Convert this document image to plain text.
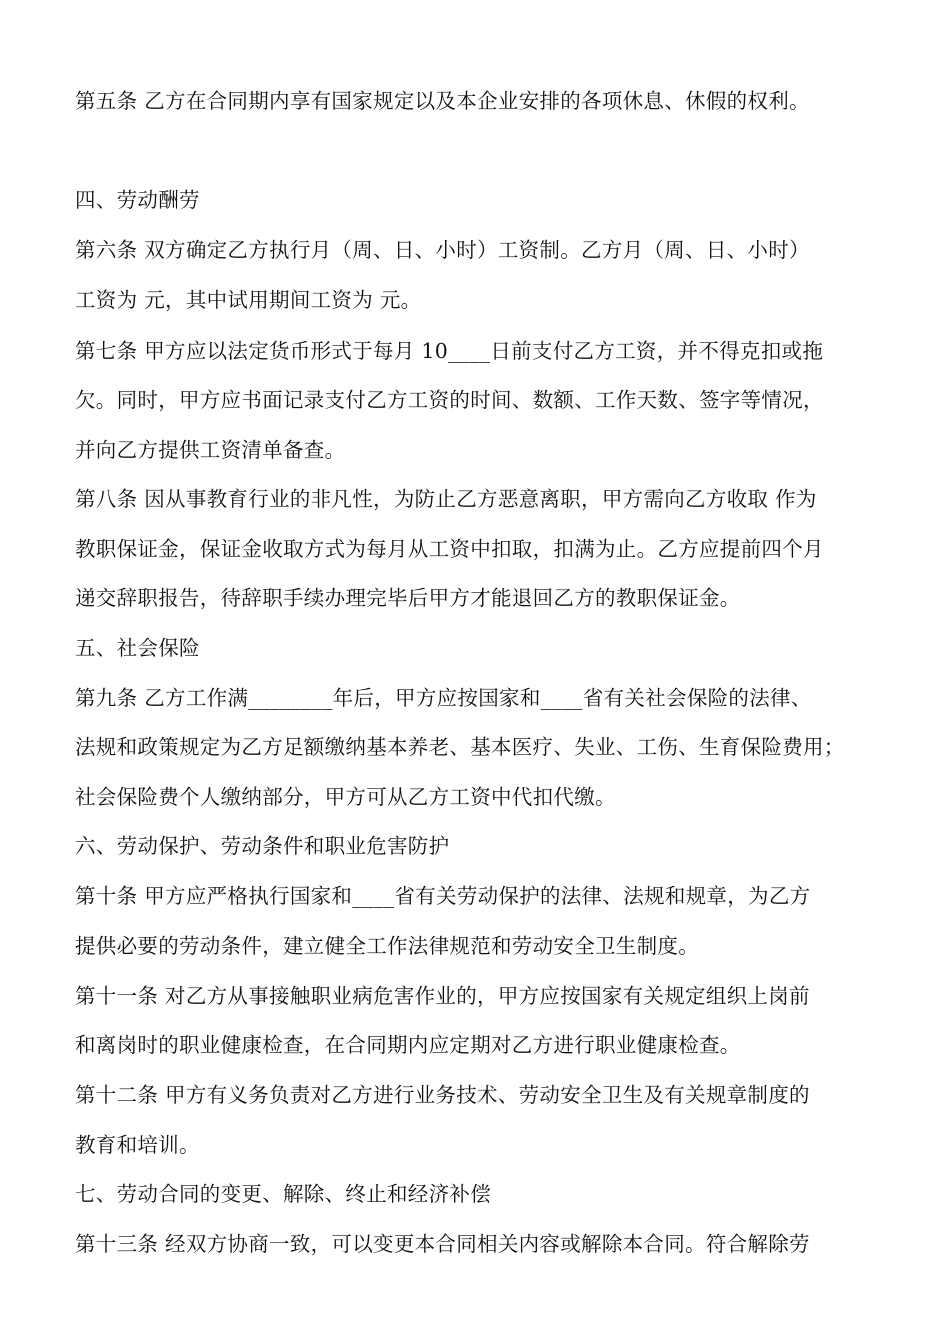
第五条 乙方在合同期内享有国家规定以及本企业安排的各项休息、休假的权利。
四、劳动酬劳
第六条 双方确定乙方执行月（周、日、小时）工资制。乙方月（周、日、小时）
工资为 元，其中试用期间工资为 元。
第七条 甲方应以法定货币形式于每月 10____日前支付乙方工资，并不得克扣或拖
欠。同时，甲方应书面记录支付乙方工资的时间、数额、工作天数、签字等情况，
并向乙方提供工资清单备查。
第八条 因从事教育行业的非凡性，为防止乙方恶意离职，甲方需向乙方收取 作为
教职保证金，保证金收取方式为每月从工资中扣取，扣满为止。乙方应提前四个月
递交辞职报告，待辞职手续办理完毕后甲方才能退回乙方的教职保证金。
五、社会保险
第九条 乙方工作满________年后，甲方应按国家和____省有关社会保险的法律、
法规和政策规定为乙方足额缴纳基本养老、基本医疗、失业、工伤、生育保险费用；
社会保险费个人缴纳部分，甲方可从乙方工资中代扣代缴。
六、劳动保护、劳动条件和职业危害防护
第十条 甲方应严格执行国家和____省有关劳动保护的法律、法规和规章，为乙方
提供必要的劳动条件，建立健全工作法律规范和劳动安全卫生制度。
第十一条 对乙方从事接触职业病危害作业的，甲方应按国家有关规定组织上岗前
和离岗时的职业健康检查，在合同期内应定期对乙方进行职业健康检查。
第十二条 甲方有义务负责对乙方进行业务技术、劳动安全卫生及有关规章制度的
教育和培训。
七、劳动合同的变更、解除、终止和经济补偿
第十三条 经双方协商一致，可以变更本合同相关内容或解除本合同。符合解除劳
